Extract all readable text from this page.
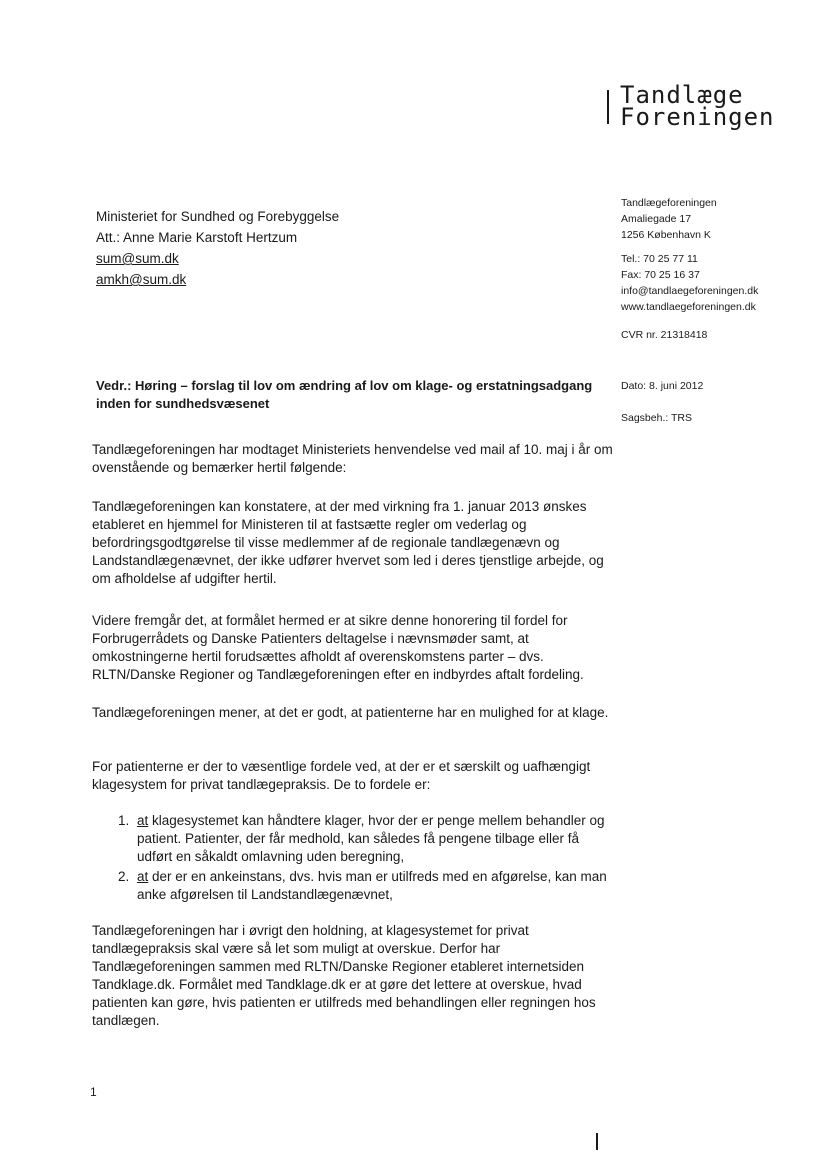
Tandlæge
Foreningen
Tandlægeforeningen
Amaliegade 17
1256 København K
Tel.: 70 25 77 11
Fax: 70 25 16 37
info@tandlaegeforeningen.dk
www.tandlaegeforeningen.dk
CVR nr. 21318418
Ministeriet for Sundhed og Forebyggelse
Att.: Anne Marie Karstoft Hertzum
sum@sum.dk
amkh@sum.dk
Vedr.: Høring – forslag til lov om ændring af lov om klage- og erstatningsadgang inden for sundhedsvæsenet
Dato: 8. juni 2012
Sagsbeh.: TRS

Tandlægeforeningen har modtaget Ministeriets henvendelse ved mail af 10. maj i år om ovenstående og bemærker hertil følgende:

Tandlægeforeningen kan konstatere, at der med virkning fra 1. januar 2013 ønskes etableret en hjemmel for Ministeren til at fastsætte regler om vederlag og befordringsgodtgørelse til visse medlemmer af de regionale tandlægenævn og Landstandlægenævnet, der ikke udfører hvervet som led i deres tjenstlige arbejde, og om afholdelse af udgifter hertil.

Videre fremgår det, at formålet hermed er at sikre denne honorering til fordel for Forbrugerrådets og Danske Patienters deltagelse i nævnsmøder samt, at omkostningerne hertil forudsættes afholdt af overenskomstens parter – dvs. RLTN/Danske Regioner og Tandlægeforeningen efter en indbyrdes aftalt fordeling.

Tandlægeforeningen mener, at det er godt, at patienterne har en mulighed for at klage.

For patienterne er der to væsentlige fordele ved, at der er et særskilt og uafhængigt klagesystem for privat tandlægepraksis. De to fordele er:

1. at klagesystemet kan håndtere klager, hvor der er penge mellem behandler og patient. Patienter, der får medhold, kan således få pengene tilbage eller få udført en såkaldt omlavning uden beregning,
2. at der er en ankeinstans, dvs. hvis man er utilfreds med en afgørelse, kan man anke afgørelsen til Landstandlægenævnet,

Tandlægeforeningen har i øvrigt den holdning, at klagesystemet for privat tandlægepraksis skal være så let som muligt at overskue. Derfor har Tandlægeforeningen sammen med RLTN/Danske Regioner etableret internetsiden Tandklage.dk. Formålet med Tandklage.dk er at gøre det lettere at overskue, hvad patienten kan gøre, hvis patienten er utilfreds med behandlingen eller regningen hos tandlægen.

1
